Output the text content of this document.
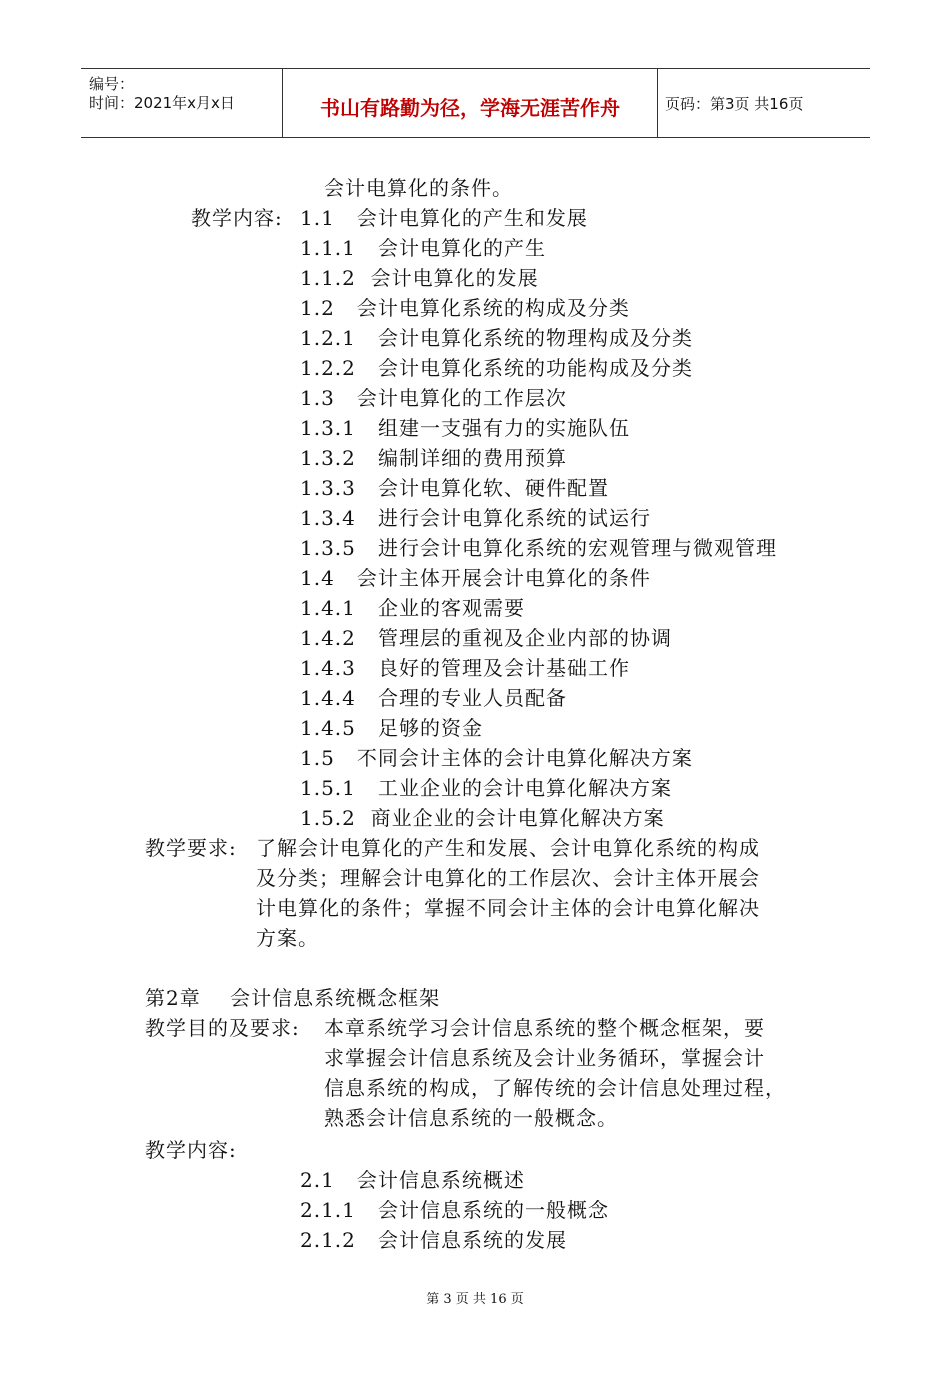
编号：
时间：2021年x月x日	书山有路勤为径，学海无涯苦作舟	页码：第3页 共16页
会计电算化的条件。
教学内容: 1.1   会计电算化的产生和发展
1.1.1   会计电算化的产生
1.1.2  会计电算化的发展
1.2   会计电算化系统的构成及分类
1.2.1   会计电算化系统的物理构成及分类
1.2.2   会计电算化系统的功能构成及分类
1.3   会计电算化的工作层次
1.3.1   组建一支强有力的实施队伍
1.3.2   编制详细的费用预算
1.3.3   会计电算化软、硬件配置
1.3.4   进行会计电算化系统的试运行
1.3.5   进行会计电算化系统的宏观管理与微观管理
1.4   会计主体开展会计电算化的条件
1.4.1   企业的客观需要
1.4.2   管理层的重视及企业内部的协调
1.4.3   良好的管理及会计基础工作
1.4.4   合理的专业人员配备
1.4.5   足够的资金
1.5   不同会计主体的会计电算化解决方案
1.5.1   工业企业的会计电算化解决方案
1.5.2  商业企业的会计电算化解决方案
教学要求: 了解会计电算化的产生和发展、会计电算化系统的构成
及分类；理解会计电算化的工作层次、会计主体开展会
计电算化的条件；掌握不同会计主体的会计电算化解决
方案。
第2章    会计信息系统概念框架
教学目的及要求: 本章系统学习会计信息系统的整个概念框架，要
求掌握会计信息系统及会计业务循环，掌握会计
信息系统的构成，了解传统的会计信息处理过程，
熟悉会计信息系统的一般概念。
教学内容:
2.1   会计信息系统概述
2.1.1   会计信息系统的一般概念
2.1.2   会计信息系统的发展
第 3 页 共 16 页
